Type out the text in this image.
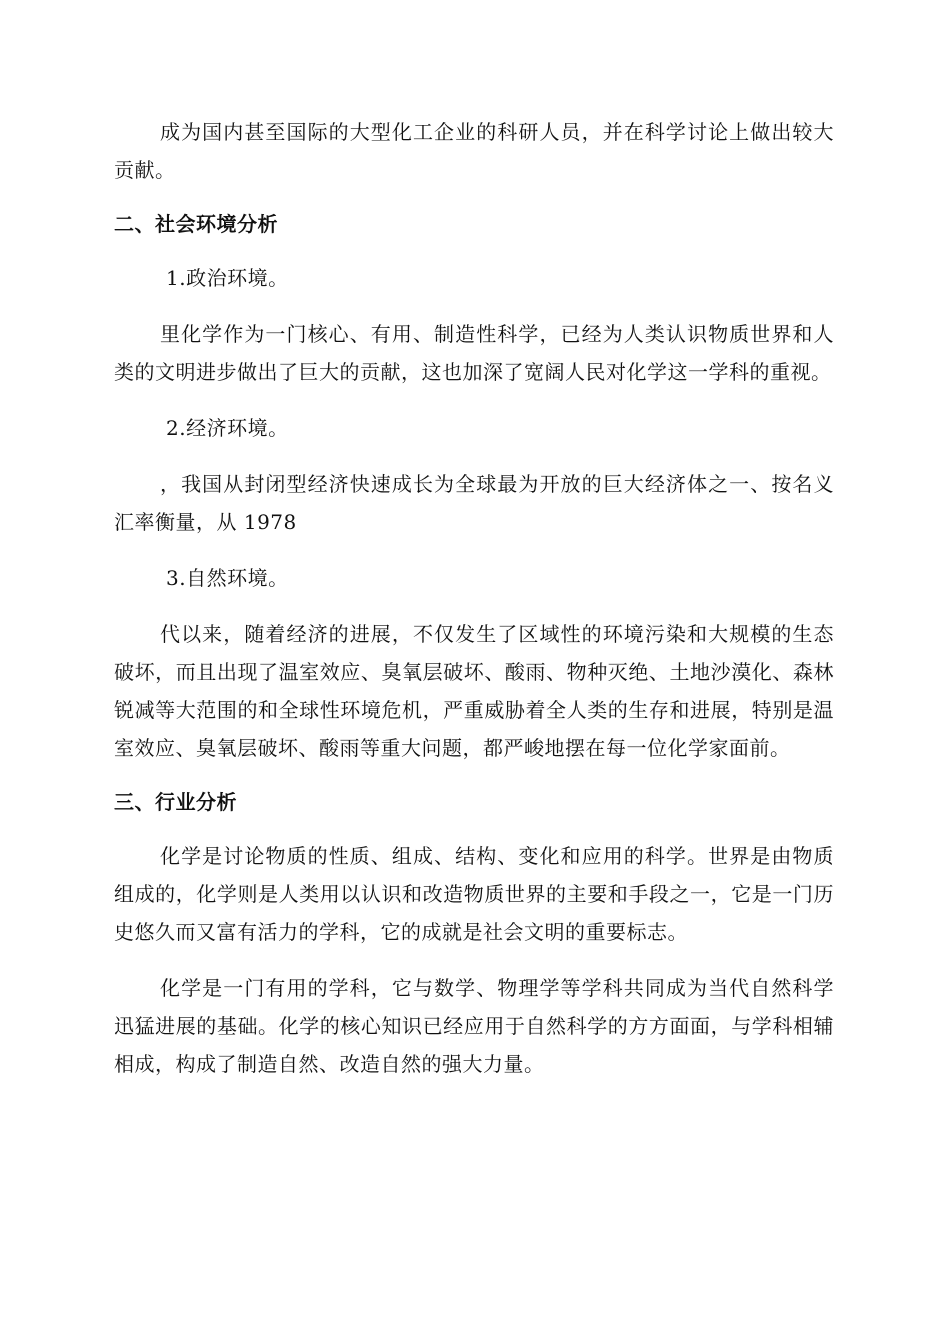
成为国内甚至国际的大型化工企业的科研人员，并在科学讨论上做出较大贡献。

二、社会环境分析

1.政治环境。

里化学作为一门核心、有用、制造性科学，已经为人类认识物质世界和人类的文明进步做出了巨大的贡献，这也加深了宽阔人民对化学这一学科的重视。

2.经济环境。

，我国从封闭型经济快速成长为全球最为开放的巨大经济体之一、按名义汇率衡量，从 1978

3.自然环境。

代以来，随着经济的进展，不仅发生了区域性的环境污染和大规模的生态破坏，而且出现了温室效应、臭氧层破坏、酸雨、物种灭绝、土地沙漠化、森林锐减等大范围的和全球性环境危机，严重威胁着全人类的生存和进展，特别是温室效应、臭氧层破坏、酸雨等重大问题，都严峻地摆在每一位化学家面前。

三、行业分析

化学是讨论物质的性质、组成、结构、变化和应用的科学。世界是由物质组成的，化学则是人类用以认识和改造物质世界的主要和手段之一，它是一门历史悠久而又富有活力的学科，它的成就是社会文明的重要标志。

化学是一门有用的学科，它与数学、物理学等学科共同成为当代自然科学迅猛进展的基础。化学的核心知识已经应用于自然科学的方方面面，与学科相辅相成，构成了制造自然、改造自然的强大力量。
